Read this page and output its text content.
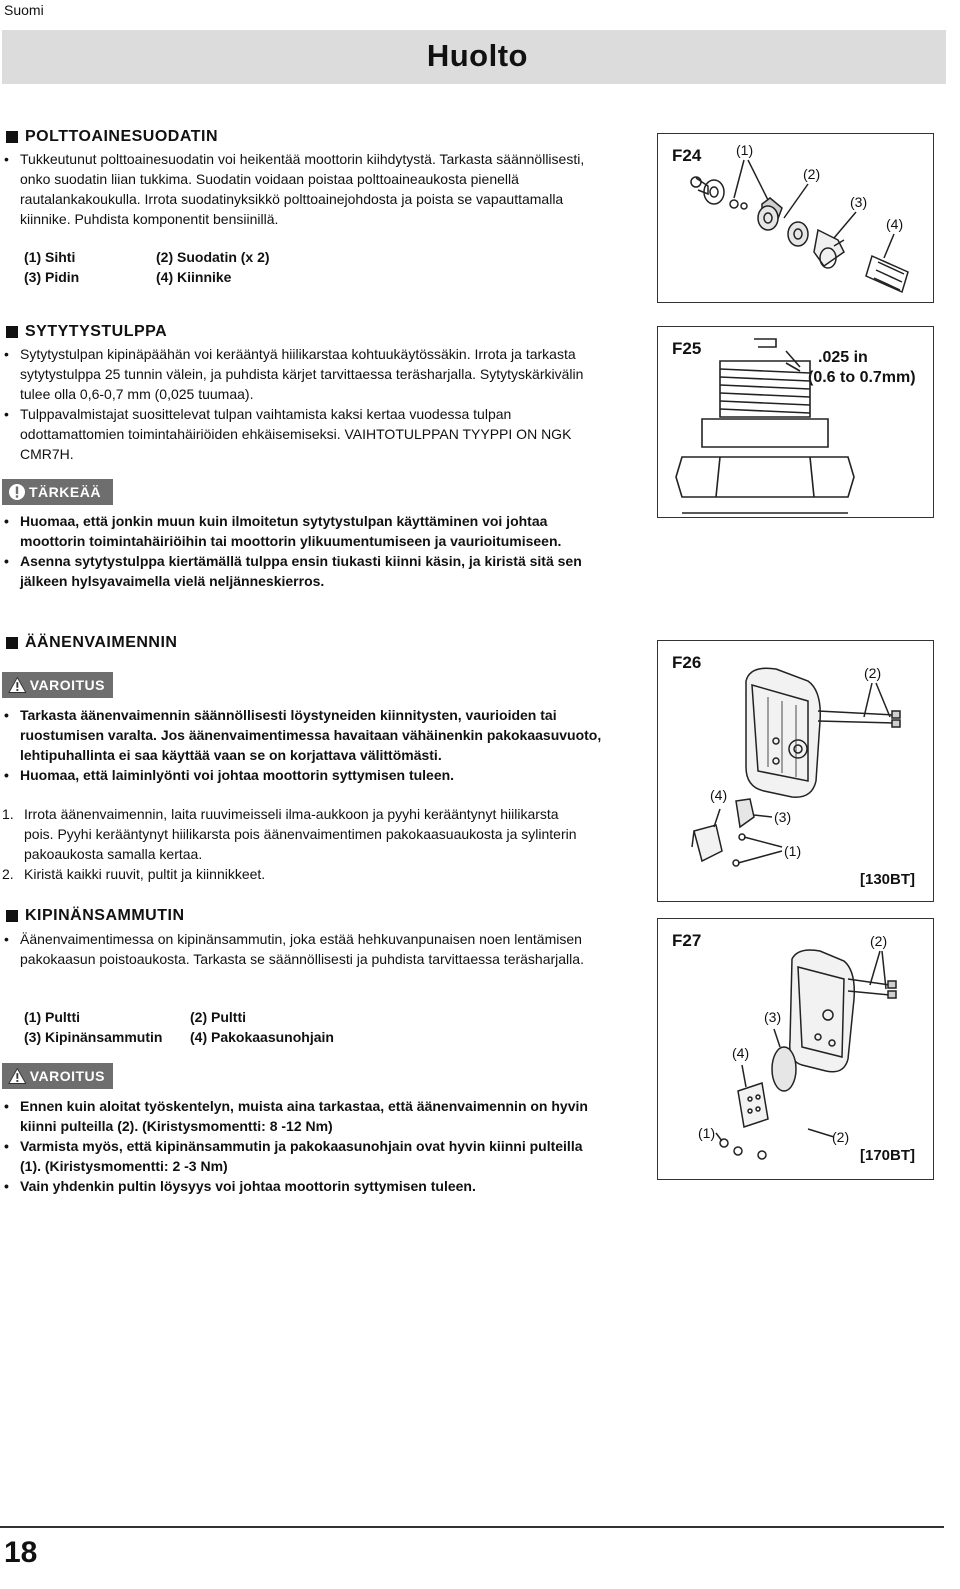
Suomi
Huolto
POLTTOAINESUODATIN
• Tukkeutunut polttoainesuodatin voi heikentää moottorin kiihdytystä. Tarkasta säännöllisesti, onko suodatin liian tukkima. Suodatin voidaan poistaa polttoaineaukosta pienellä rautalankakoukulla. Irrota suodatinyksikkö polttoainejohdosta ja poista se vapauttamalla kiinnike. Puhdista komponentit bensiinillä.
(1) Sihti	(2) Suodatin (x 2)
(3) Pidin	(4) Kiinnike
F24 (1)
(2)
(3)
(4)
SYTYTYSTULPPA
• Sytytystulpan kipinäpäähän voi kerääntyä hiilikarstaa kohtuukäytössäkin. Irrota ja tarkasta sytytystulppa 25 tunnin välein, ja puhdista kärjet tarvittaessa teräsharjalla. Sytytyskärkivälin tulee olla 0,6-0,7 mm (0,025 tuumaa).
• Tulppavalmistajat suosittelevat tulpan vaihtamista kaksi kertaa vuodessa tulpan odottamattomien toimintahäiriöiden ehkäisemiseksi. VAIHTOTULPPAN TYYPPI ON NGK CMR7H.
TÄRKEÄÄ
• Huomaa, että jonkin muun kuin ilmoitetun sytytystulpan käyttäminen voi johtaa moottorin toimintahäiriöihin tai moottorin ylikuumentumiseen ja vaurioitumiseen.
• Asenna sytytystulppa kiertämällä tulppa ensin tiukasti kiinni käsin, ja kiristä sitä sen jälkeen hylsyavaimella vielä neljänneskierros.
F25	.025 in
(0.6 to 0.7mm)
ÄÄNENVAIMENNIN
VAROITUS
• Tarkasta äänenvaimennin säännöllisesti löystyneiden kiinnitysten, vaurioiden tai ruostumisen varalta. Jos äänenvaimentimessa havaitaan vähäinenkin pakokaasuvuoto, lehtipuhallinta ei saa käyttää vaan se on korjattava välittömästi.
• Huomaa, että laiminlyönti voi johtaa moottorin syttymisen tuleen.
1. Irrota äänenvaimennin, laita ruuvimeisseli ilma-aukkoon ja pyyhi kerääntynyt hiilikarsta pois. Pyyhi kerääntynyt hiilikarsta pois äänenvaimentimen pakokaasuaukosta ja sylinterin pakoaukosta samalla kertaa.
2. Kiristä kaikki ruuvit, pultit ja kiinnikkeet.
F26
(2)
(4)
(3)
(1)
[130BT]
KIPINÄNSAMMUTIN
• Äänenvaimentimessa on kipinänsammutin, joka estää hehkuvanpunaisen noen lentämisen pakokaasun poistoaukosta. Tarkasta se säännöllisesti ja puhdista tarvittaessa teräsharjalla.
(1) Pultti	(2) Pultti
(3) Kipinänsammutin	(4) Pakokaasunohjain
VAROITUS
• Ennen kuin aloitat työskentelyn, muista aina tarkastaa, että äänenvaimennin on hyvin kiinni pulteilla (2). (Kiristysmomentti: 8 -12 Nm)
• Varmista myös, että kipinänsammutin ja pakokaasunohjain ovat hyvin kiinni pulteilla (1). (Kiristysmomentti: 2 -3 Nm)
• Vain yhdenkin pultin löysyys voi johtaa moottorin syttymisen tuleen.
F27	(2)
(3)
(4)
(1)	(2)
[170BT]
18
